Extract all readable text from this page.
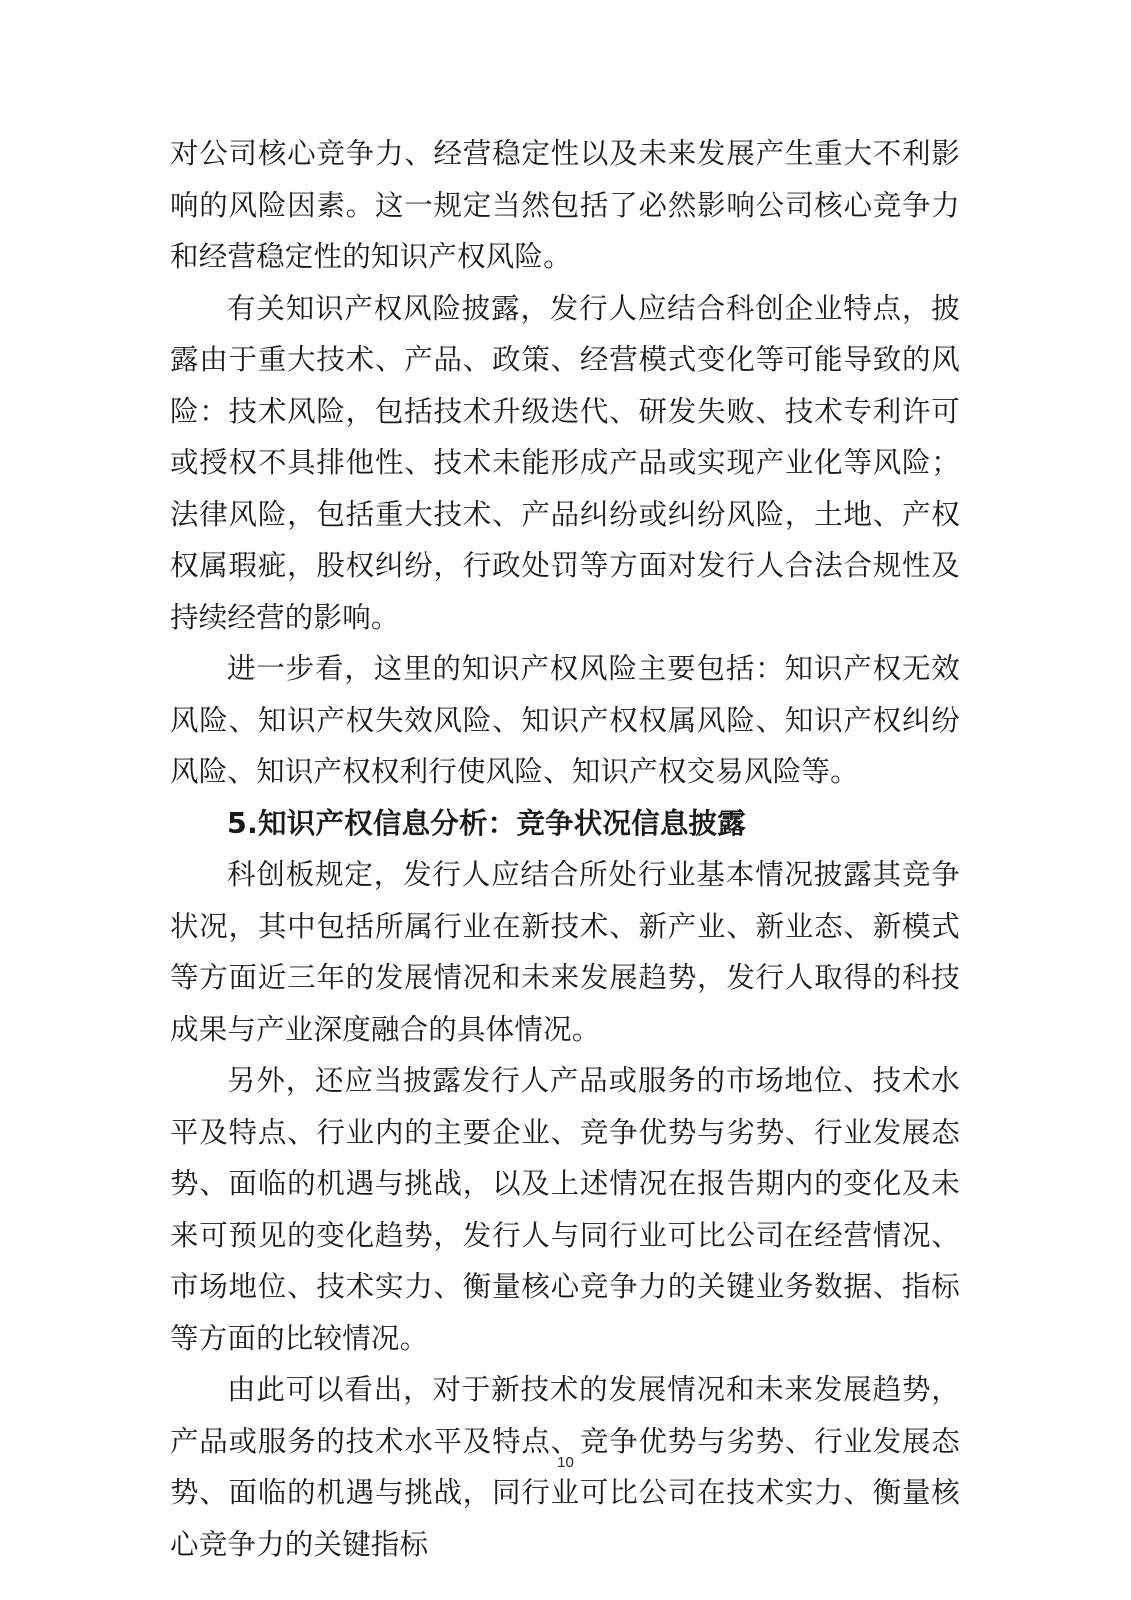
对公司核心竞争力、经营稳定性以及未来发展产生重大不利影响的风险因素。这一规定当然包括了必然影响公司核心竞争力和经营稳定性的知识产权风险。

有关知识产权风险披露，发行人应结合科创企业特点，披露由于重大技术、产品、政策、经营模式变化等可能导致的风险：技术风险，包括技术升级迭代、研发失败、技术专利许可或授权不具排他性、技术未能形成产品或实现产业化等风险；法律风险，包括重大技术、产品纠纷或纠纷风险，土地、产权权属瑕疵，股权纠纷，行政处罚等方面对发行人合法合规性及持续经营的影响。

进一步看，这里的知识产权风险主要包括：知识产权无效风险、知识产权失效风险、知识产权权属风险、知识产权纠纷风险、知识产权权利行使风险、知识产权交易风险等。

5.知识产权信息分析：竞争状况信息披露

科创板规定，发行人应结合所处行业基本情况披露其竞争状况，其中包括所属行业在新技术、新产业、新业态、新模式等方面近三年的发展情况和未来发展趋势，发行人取得的科技成果与产业深度融合的具体情况。

另外，还应当披露发行人产品或服务的市场地位、技术水平及特点、行业内的主要企业、竞争优势与劣势、行业发展态势、面临的机遇与挑战，以及上述情况在报告期内的变化及未来可预见的变化趋势，发行人与同行业可比公司在经营情况、市场地位、技术实力、衡量核心竞争力的关键业务数据、指标等方面的比较情况。

由此可以看出，对于新技术的发展情况和未来发展趋势，产品或服务的技术水平及特点、竞争优势与劣势、行业发展态势、面临的机遇与挑战，同行业可比公司在技术实力、衡量核心竞争力的关键指标

10
